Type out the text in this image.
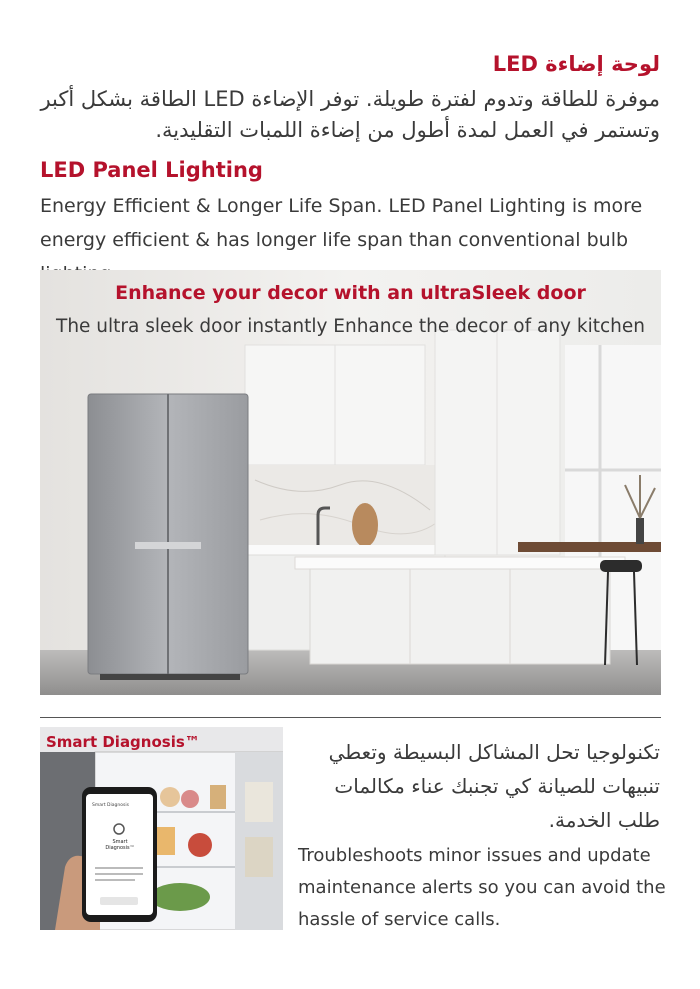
لوحة إضاءة LED
موفرة للطاقة وتدوم لفترة طويلة. توفر الإضاءة LED الطاقة بشكل أكبر وتستمر في العمل لمدة أطول من إضاءة اللمبات التقليدية.
LED Panel Lighting
Energy Efficient & Longer Life Span. LED Panel Lighting is more energy efficient & has longer life span than conventional bulb
Enhance your decor with an ultraSleek door
The ultra sleek door instantly Enhance the decor of any kitchen
Smart Diagnosis™
Smart Diagnosis
Smart Diagnosis™
تكنولوجيا تحل المشاكل البسيطة وتعطي تنبيهات للصيانة كي تجنبك عناء مكالمات طلب الخدمة.
Troubleshoots minor issues and update maintenance alerts so you can avoid the hassle of service calls.
